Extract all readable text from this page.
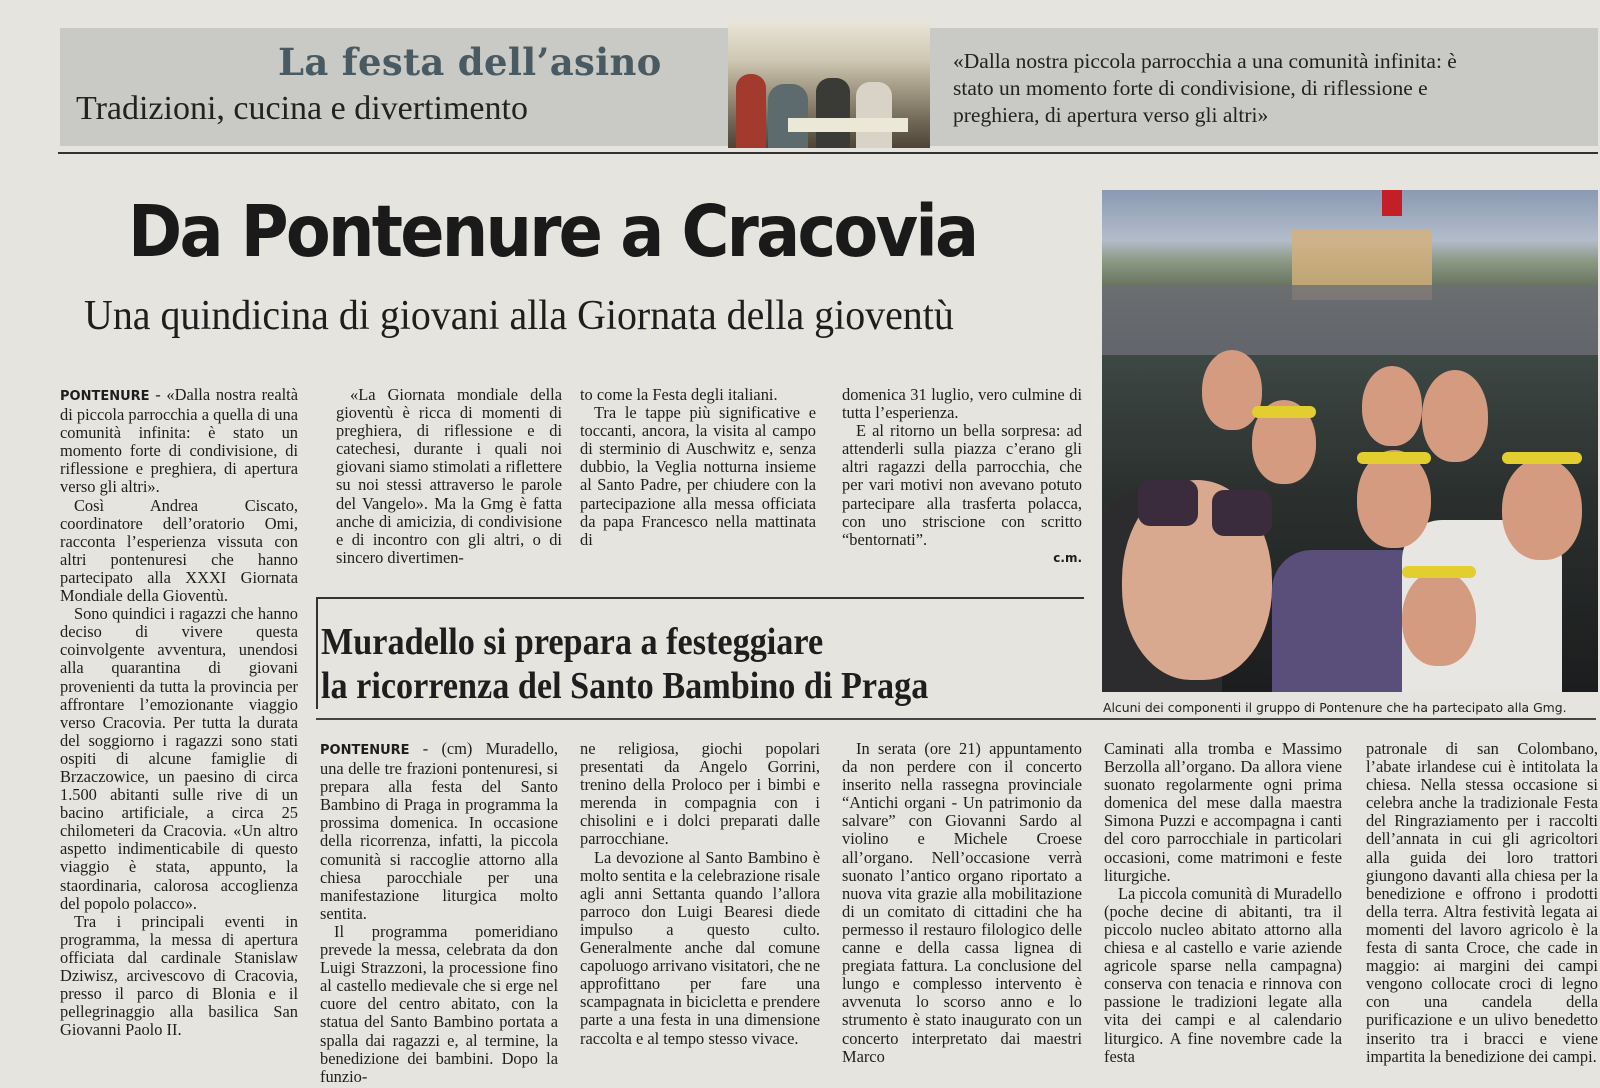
La festa dell’asino
Tradizioni, cucina e divertimento
«Dalla nostra piccola parrocchia a una comunità infinita: è stato un momento forte di condivisione, di riflessione e preghiera, di apertura verso gli altri»
Da Pontenure a Cracovia
Una quindicina di giovani alla Giornata della gioventù

PONTENURE - «Dalla nostra realtà di piccola parrocchia a quella di una comunità infinita: è stato un momento forte di condivisione, di riflessione e preghiera, di apertura verso gli altri».

Così Andrea Ciscato, coordinatore dell’oratorio Omi, racconta l’esperienza vissuta con altri pontenuresi che hanno partecipato alla XXXI Giornata Mondiale della Gioventù.

Sono quindici i ragazzi che hanno deciso di vivere questa coinvolgente avventura, unendosi alla quarantina di giovani provenienti da tutta la provincia per affrontare l’emozionante viaggio verso Cracovia. Per tutta la durata del soggiorno i ragazzi sono stati ospiti di alcune famiglie di Brzaczowice, un paesino di circa 1.500 abitanti sulle rive di un bacino artificiale, a circa 25 chilometeri da Cracovia. «Un altro aspetto indimenticabile di questo viaggio è stata, appunto, la staordinaria, calorosa accoglienza del popolo polacco».

Tra i principali eventi in programma, la messa di apertura officiata dal cardinale Stanislaw Dziwisz, arcivescovo di Cracovia, presso il parco di Blonia e il pellegrinaggio alla basilica San Giovanni Paolo II.

«La Giornata mondiale della gioventù è ricca di momenti di preghiera, di riflessione e di catechesi, durante i quali noi giovani siamo stimolati a riflettere su noi stessi attraverso le parole del Vangelo». Ma la Gmg è fatta anche di amicizia, di condivisione e di incontro con gli altri, o di sincero divertimen-

to come la Festa degli italiani.

Tra le tappe più significative e toccanti, ancora, la visita al campo di sterminio di Auschwitz e, senza dubbio, la Veglia notturna insieme al Santo Padre, per chiudere con la partecipazione alla messa officiata da papa Francesco nella mattinata di

domenica 31 luglio, vero culmine di tutta l’esperienza.

E al ritorno un bella sorpresa: ad attenderli sulla piazza c’erano gli altri ragazzi della parrocchia, che per vari motivi non avevano potuto partecipare alla trasferta polacca, con uno striscione con scritto “bentornati”.

c.m.
Alcuni dei componenti il gruppo di Pontenure che ha partecipato alla Gmg.
Muradello si prepara a festeggiare
la ricorrenza del Santo Bambino di Praga

PONTENURE - (cm) Muradello, una delle tre frazioni pontenuresi, si prepara alla festa del Santo Bambino di Praga in programma la prossima domenica. In occasione della ricorrenza, infatti, la piccola comunità si raccoglie attorno alla chiesa parocchiale per una manifestazione liturgica molto sentita.

Il programma pomeridiano prevede la messa, celebrata da don Luigi Strazzoni, la processione fino al castello medievale che si erge nel cuore del centro abitato, con la statua del Santo Bambino portata a spalla dai ragazzi e, al termine, la benedizione dei bambini. Dopo la funzio-

ne religiosa, giochi popolari presentati da Angelo Gorrini, trenino della Proloco per i bimbi e merenda in compagnia con i chisolini e i dolci preparati dalle parrocchiane.

La devozione al Santo Bambino è molto sentita e la celebrazione risale agli anni Settanta quando l’allora parroco don Luigi Bearesi diede impulso a questo culto. Generalmente anche dal comune capoluogo arrivano visitatori, che ne approfittano per fare una scampagnata in bicicletta e prendere parte a una festa in una dimensione raccolta e al tempo stesso vivace.

In serata (ore 21) appuntamento da non perdere con il concerto inserito nella rassegna provinciale “Antichi organi - Un patrimonio da salvare” con Giovanni Sardo al violino e Michele Croese all’organo. Nell’occasione verrà suonato l’antico organo riportato a nuova vita grazie alla mobilitazione di un comitato di cittadini che ha permesso il restauro filologico delle canne e della cassa lignea di pregiata fattura. La conclusione del lungo e complesso intervento è avvenuta lo scorso anno e lo strumento è stato inaugurato con un concerto interpretato dai maestri Marco

Caminati alla tromba e Massimo Berzolla all’organo. Da allora viene suonato regolarmente ogni prima domenica del mese dalla maestra Simona Puzzi e accompagna i canti del coro parrocchiale in particolari occasioni, come matrimoni e feste liturgiche.

La piccola comunità di Muradello (poche decine di abitanti, tra il piccolo nucleo abitato attorno alla chiesa e al castello e varie aziende agricole sparse nella campagna) conserva con tenacia e rinnova con passione le tradizioni legate alla vita dei campi e al calendario liturgico. A fine novembre cade la festa

patronale di san Colombano, l’abate irlandese cui è intitolata la chiesa. Nella stessa occasione si celebra anche la tradizionale Festa del Ringraziamento per i raccolti dell’annata in cui gli agricoltori alla guida dei loro trattori giungono davanti alla chiesa per la benedizione e offrono i prodotti della terra. Altra festività legata ai momenti del lavoro agricolo è la festa di santa Croce, che cade in maggio: ai margini dei campi vengono collocate croci di legno con una candela della purificazione e un ulivo benedetto inserito tra i bracci e viene impartita la benedizione dei campi.
